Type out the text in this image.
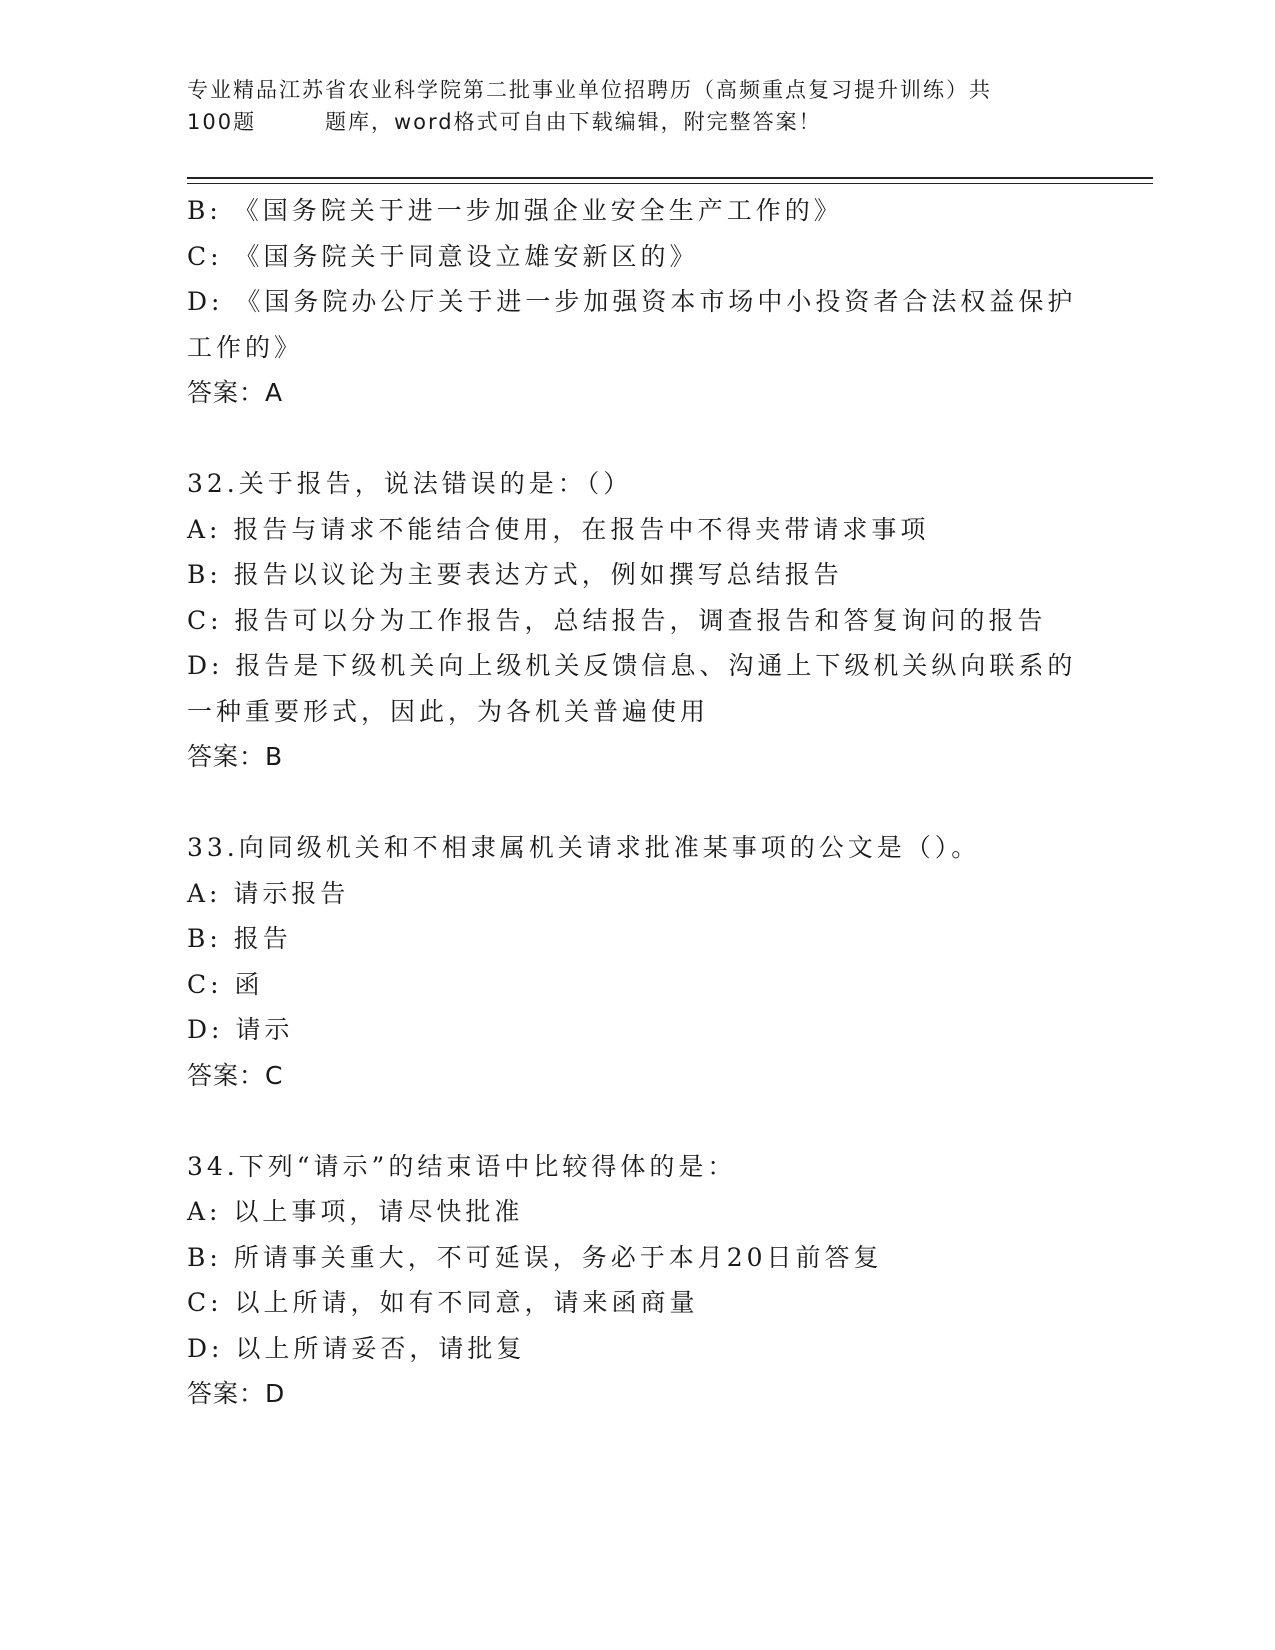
专业精品江苏省农业科学院第二批事业单位招聘历（高频重点复习提升训练）共
100题	题库，word格式可自由下载编辑，附完整答案！

B: 《国务院关于进一步加强企业安全生产工作的》

C: 《国务院关于同意设立雄安新区的》

D: 《国务院办公厅关于进一步加强资本市场中小投资者合法权益保护工作的》

答案：A

32.关于报告，说法错误的是：（）

A: 报告与请求不能结合使用，在报告中不得夹带请求事项

B: 报告以议论为主要表达方式，例如撰写总结报告

C: 报告可以分为工作报告，总结报告，调查报告和答复询问的报告

D: 报告是下级机关向上级机关反馈信息、沟通上下级机关纵向联系的一种重要形式，因此，为各机关普遍使用

答案：B

33.向同级机关和不相隶属机关请求批准某事项的公文是（）。

A: 请示报告

B: 报告

C: 函

D: 请示

答案：C

34.下列“请示”的结束语中比较得体的是：

A: 以上事项，请尽快批准

B: 所请事关重大，不可延误，务必于本月20日前答复

C: 以上所请，如有不同意，请来函商量

D: 以上所请妥否，请批复

答案：D
